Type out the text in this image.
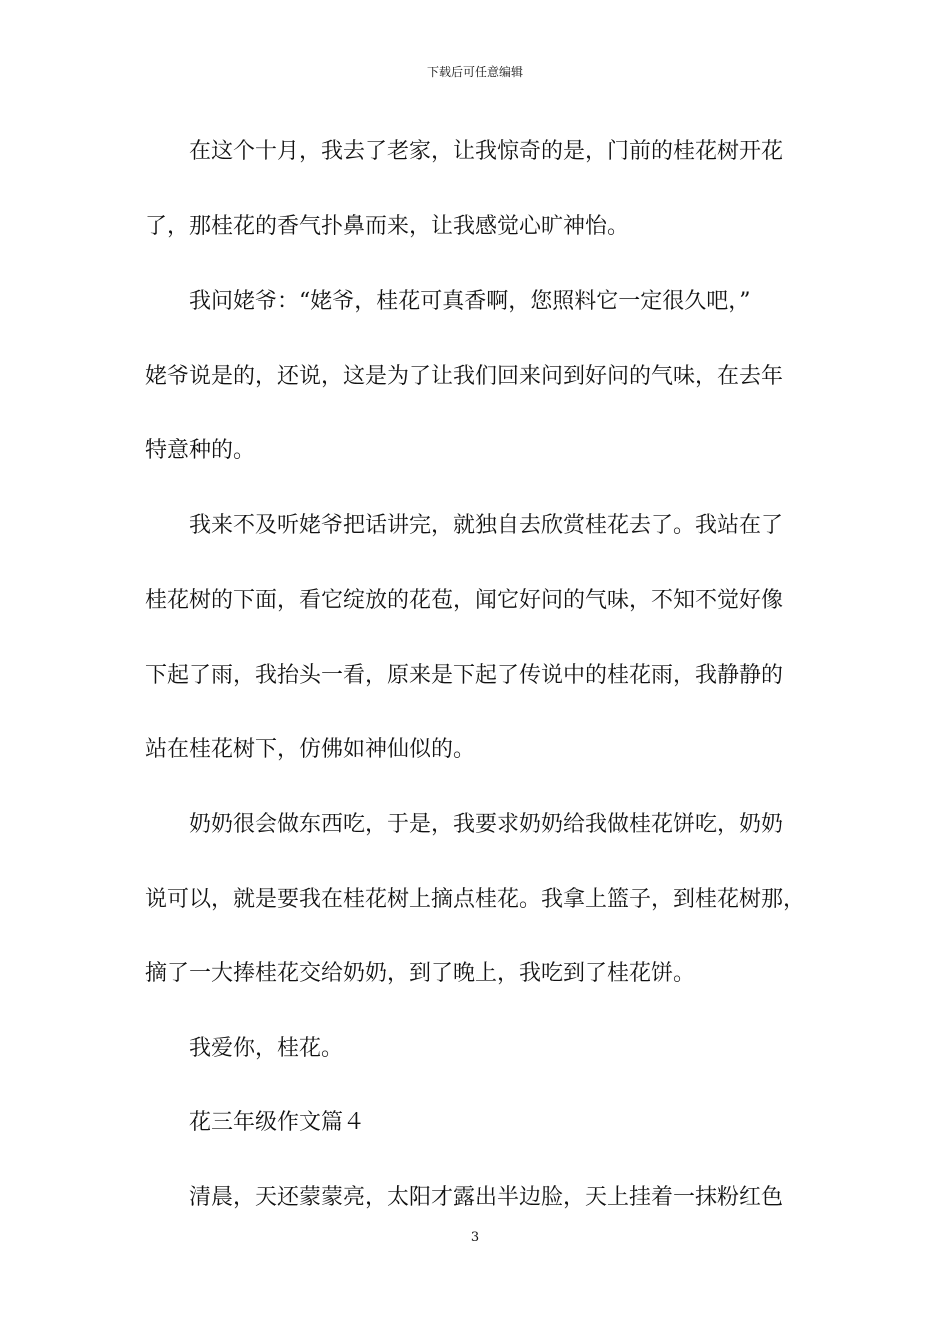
下载后可任意编辑
在这个十月，我去了老家，让我惊奇的是，门前的桂花树开花
了，那桂花的香气扑鼻而来，让我感觉心旷神怡。
我问姥爷：“姥爷，桂花可真香啊，您照料它一定很久吧，”
姥爷说是的，还说，这是为了让我们回来问到好问的气味，在去年
特意种的。
我来不及听姥爷把话讲完，就独自去欣赏桂花去了。我站在了
桂花树的下面，看它绽放的花苞，闻它好问的气味，不知不觉好像
下起了雨，我抬头一看，原来是下起了传说中的桂花雨，我静静的
站在桂花树下，仿佛如神仙似的。
奶奶很会做东西吃，于是，我要求奶奶给我做桂花饼吃，奶奶
说可以，就是要我在桂花树上摘点桂花。我拿上篮子，到桂花树那，
摘了一大捧桂花交给奶奶，到了晚上，我吃到了桂花饼。
我爱你，桂花。
花三年级作文篇４
清晨，天还蒙蒙亮，太阳才露出半边脸，天上挂着一抹粉红色
3
